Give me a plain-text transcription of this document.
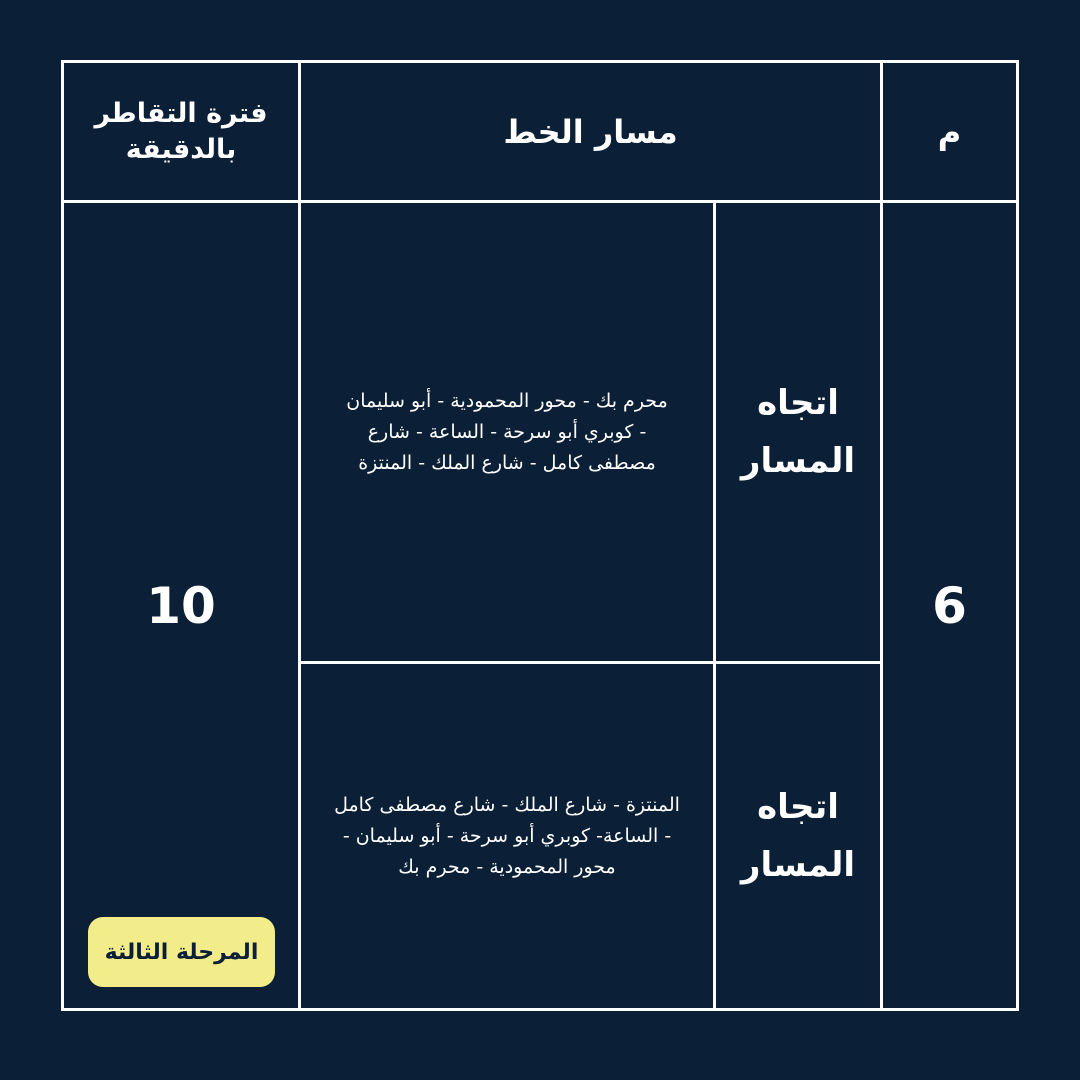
م
مسار الخط
فترة التقاطر بالدقيقة
6
10
اتجاه المسار
محرم بك - محور المحمودية - أبو سليمان - كوبري أبو سرحة - الساعة - شارع مصطفى كامل - شارع الملك - المنتزة
اتجاه المسار
المنتزة - شارع الملك - شارع مصطفى كامل - الساعة- كوبري أبو سرحة - أبو سليمان - محور المحمودية - محرم بك
المرحلة الثالثة
